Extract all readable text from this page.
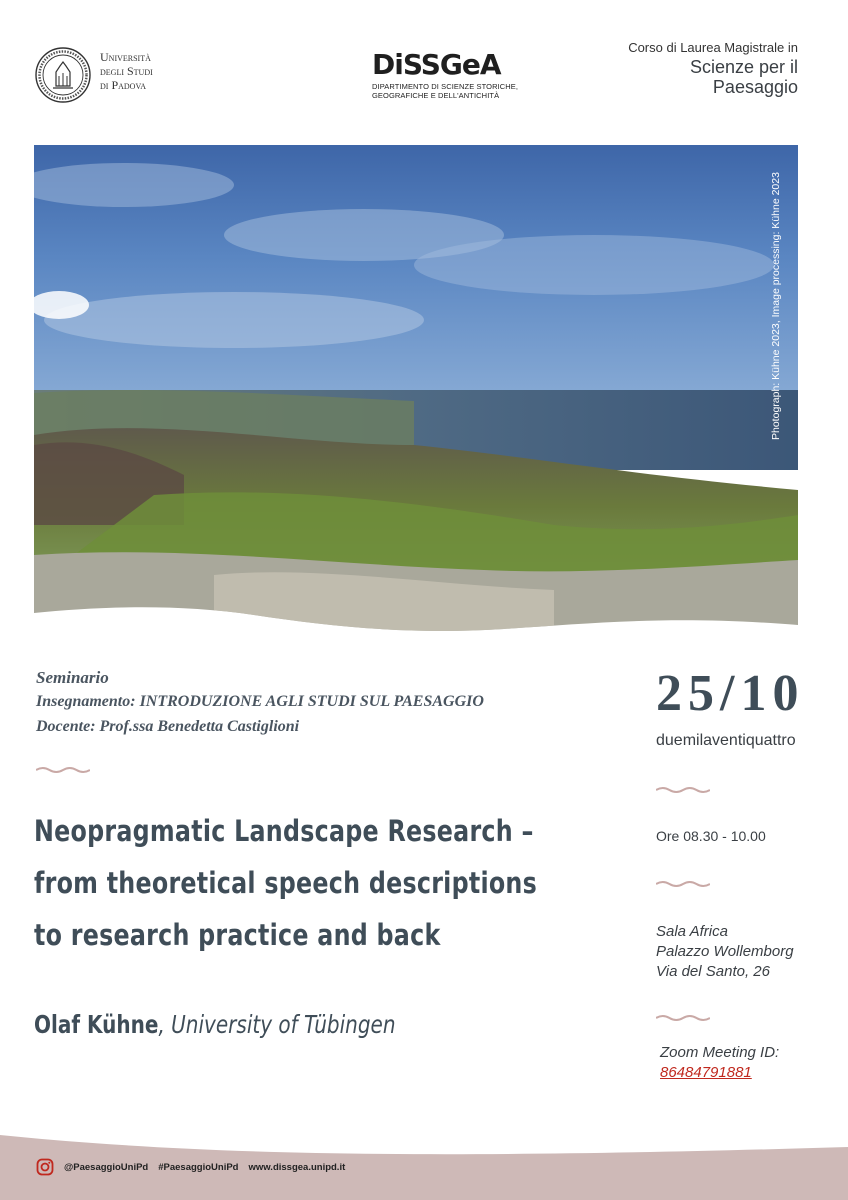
Università
degli Studi
di Padova
DiSSGeA
DIPARTIMENTO DI SCIENZE STORICHE,
GEOGRAFICHE E DELL'ANTICHITÀ
Corso di Laurea Magistrale in
Scienze per il
Paesaggio
Photograph: Kühne 2023, Image processing: Kühne 2023
Seminario
Insegnamento: INTRODUZIONE AGLI STUDI SUL PAESAGGIO
Docente: Prof.ssa Benedetta Castiglioni
Neopragmatic Landscape Research –
from theoretical speech descriptions
to research practice and back
Olaf Kühne, University of Tübingen
25/10
duemilaventiquattro
Ore 08.30 - 10.00
Sala Africa
Palazzo Wollemborg
Via del Santo, 26
Zoom Meeting ID:
86484791881
@PaesaggioUniPd #PaesaggioUniPd www.dissgea.unipd.it
